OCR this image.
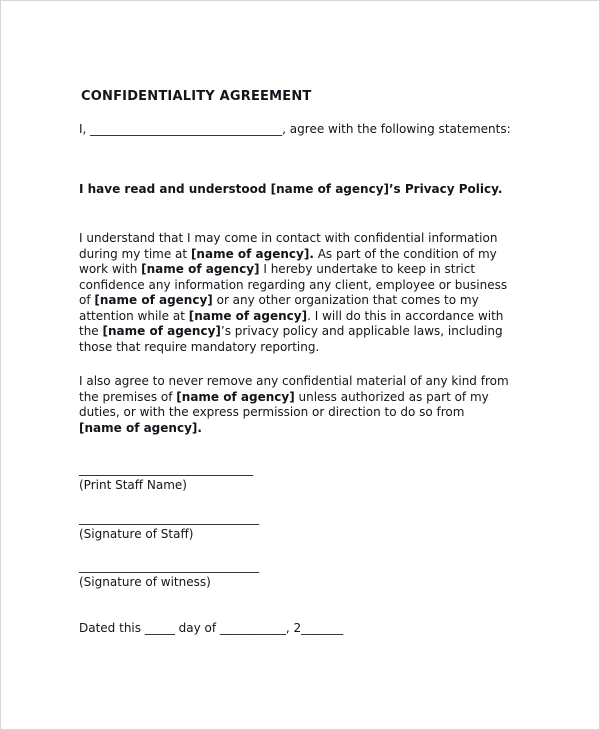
CONFIDENTIALITY AGREEMENT

I, ________________________________, agree with the following statements:

I have read and understood [name of agency]’s Privacy Policy.

I understand that I may come in contact with confidential information
during my time at [name of agency]. As part of the condition of my
work with [name of agency] I hereby undertake to keep in strict
confidence any information regarding any client, employee or business
of [name of agency] or any other organization that comes to my
attention while at [name of agency]. I will do this in accordance with
the [name of agency]’s privacy policy and applicable laws, including
those that require mandatory reporting.
I also agree to never remove any confidential material of any kind from
the premises of [name of agency] unless authorized as part of my
duties, or with the express permission or direction to do so from
[name of agency].
_____________________________
(Print Staff Name)
______________________________
(Signature of Staff)
______________________________
(Signature of witness)

Dated this _____ day of ___________, 2_______
